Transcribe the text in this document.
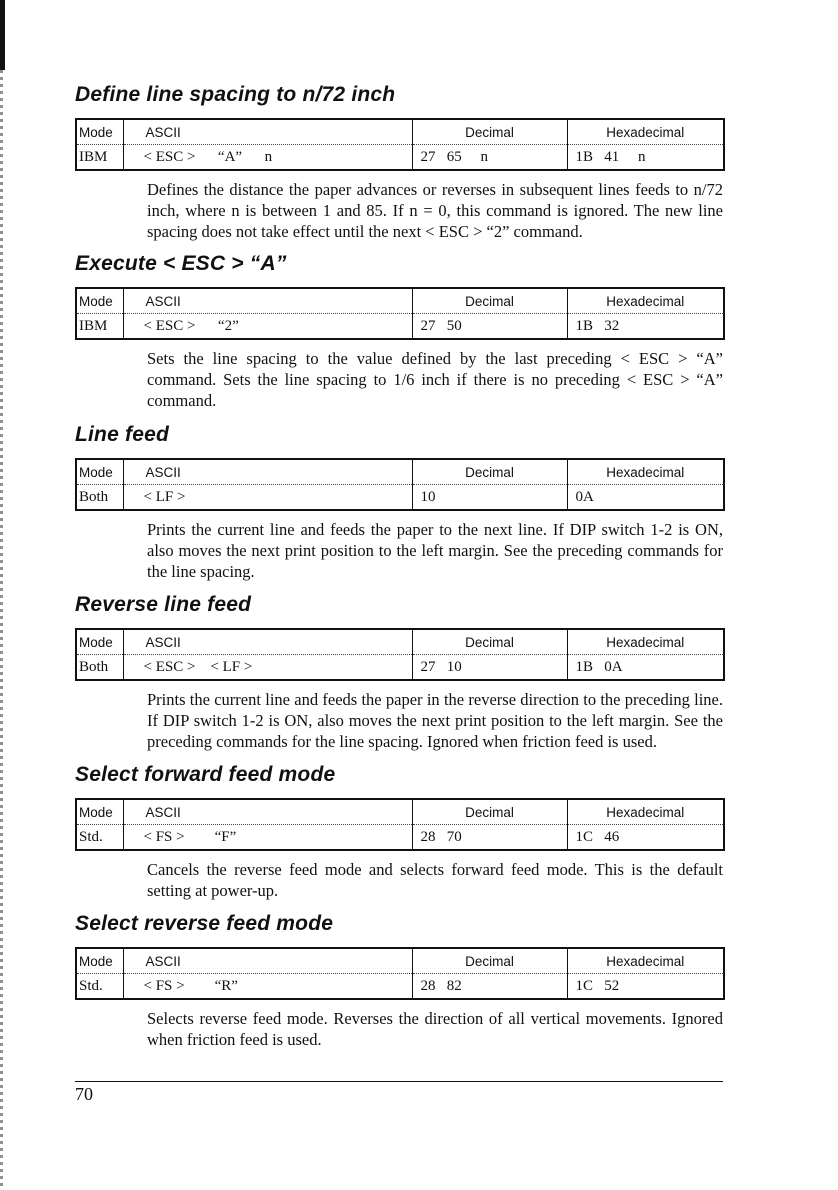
Define line spacing to n/72 inch
Mode	ASCII	Decimal	Hexadecimal
IBM	< ESC >      “A”      n	27   65     n	1B   41     n

Defines the distance the paper advances or reverses in subsequent lines feeds to n/72 inch, where n is between 1 and 85. If n = 0, this command is ignored. The new line spacing does not take effect until the next < ESC > “2” command.

Execute < ESC > “A”
Mode	ASCII	Decimal	Hexadecimal
IBM	< ESC >      “2”	27   50	1B   32

Sets the line spacing to the value defined by the last preceding < ESC > “A” command. Sets the line spacing to 1/6 inch if there is no preceding < ESC > “A” command.

Line feed
Mode	ASCII	Decimal	Hexadecimal
Both	< LF >	10	0A

Prints the current line and feeds the paper to the next line. If DIP switch 1-2 is ON, also moves the next print position to the left margin. See the preceding commands for the line spacing.

Reverse line feed
Mode	ASCII	Decimal	Hexadecimal
Both	< ESC >    < LF >	27   10	1B   0A

Prints the current line and feeds the paper in the reverse direction to the preceding line. If DIP switch 1-2 is ON, also moves the next print position to the left margin. See the preceding commands for the line spacing. Ignored when friction feed is used.

Select forward feed mode
Mode	ASCII	Decimal	Hexadecimal
Std.	< FS >        “F”	28   70	1C   46

Cancels the reverse feed mode and selects forward feed mode. This is the default setting at power-up.

Select reverse feed mode
Mode	ASCII	Decimal	Hexadecimal
Std.	< FS >        “R”	28   82	1C   52

Selects reverse feed mode. Reverses the direction of all vertical movements. Ignored when friction feed is used.

70
